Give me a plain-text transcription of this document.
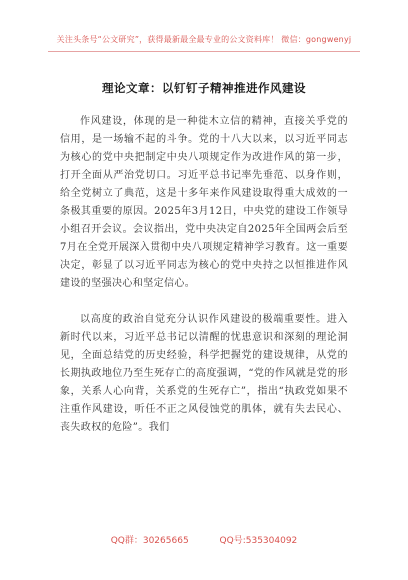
关注头条号“公文研究”，获得最新最全最专业的公文资料库！ 微信：gongwenyj
理论文章：以钉钉子精神推进作风建设

作风建设，体现的是一种徙木立信的精神，直接关乎党的信用，是一场输不起的斗争。党的十八大以来，以习近平同志为核心的党中央把制定中央八项规定作为改进作风的第一步，打开全面从严治党切口。习近平总书记率先垂范、以身作则，给全党树立了典范，这是十多年来作风建设取得重大成效的一条极其重要的原因。2025年3月12日，中央党的建设工作领导小组召开会议。会议指出，党中央决定自2025年全国两会后至7月在全党开展深入贯彻中央八项规定精神学习教育。这一重要决定，彰显了以习近平同志为核心的党中央持之以恒推进作风建设的坚强决心和坚定信心。

以高度的政治自觉充分认识作风建设的极端重要性。进入新时代以来，习近平总书记以清醒的忧患意识和深刻的理论洞见，全面总结党的历史经验，科学把握党的建设规律，从党的长期执政地位乃至生死存亡的高度强调，“党的作风就是党的形象，关系人心向背，关系党的生死存亡”，指出“执政党如果不注重作风建设，听任不正之风侵蚀党的肌体，就有失去民心、丧失政权的危险”。我们

QQ群：30265665	QQ号:535304092
